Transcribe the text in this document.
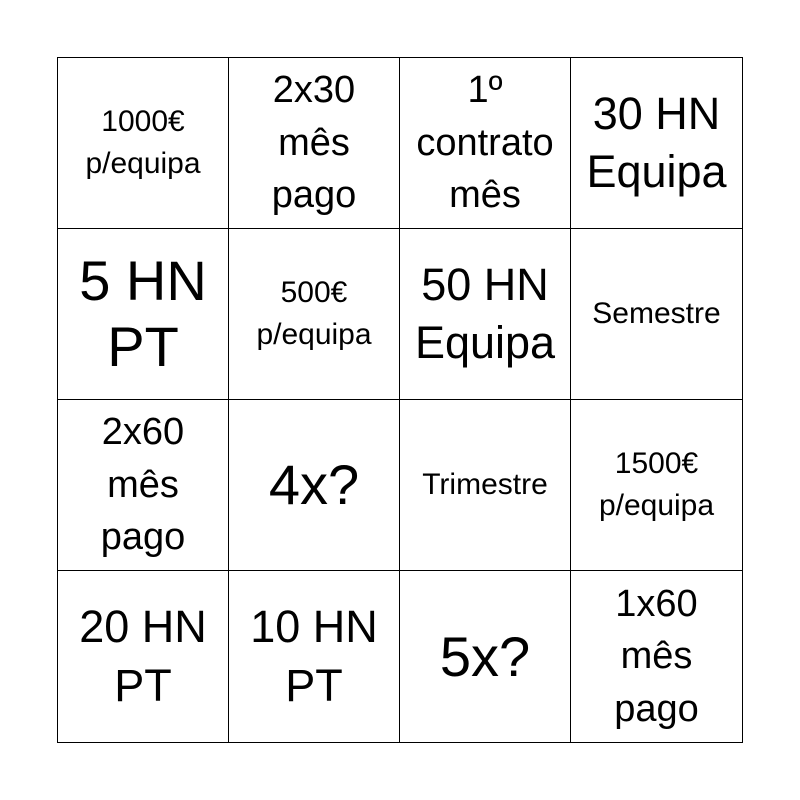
1000€
p/equipa
2x30
mês
pago
1º
contrato
mês
30 HN
Equipa
5 HN
PT
500€
p/equipa
50 HN
Equipa
Semestre
2x60
mês
pago
4x? Trimestre
1500€
p/equipa
20 HN
PT
10 HN
PT	5x?
1x60
mês
pago
